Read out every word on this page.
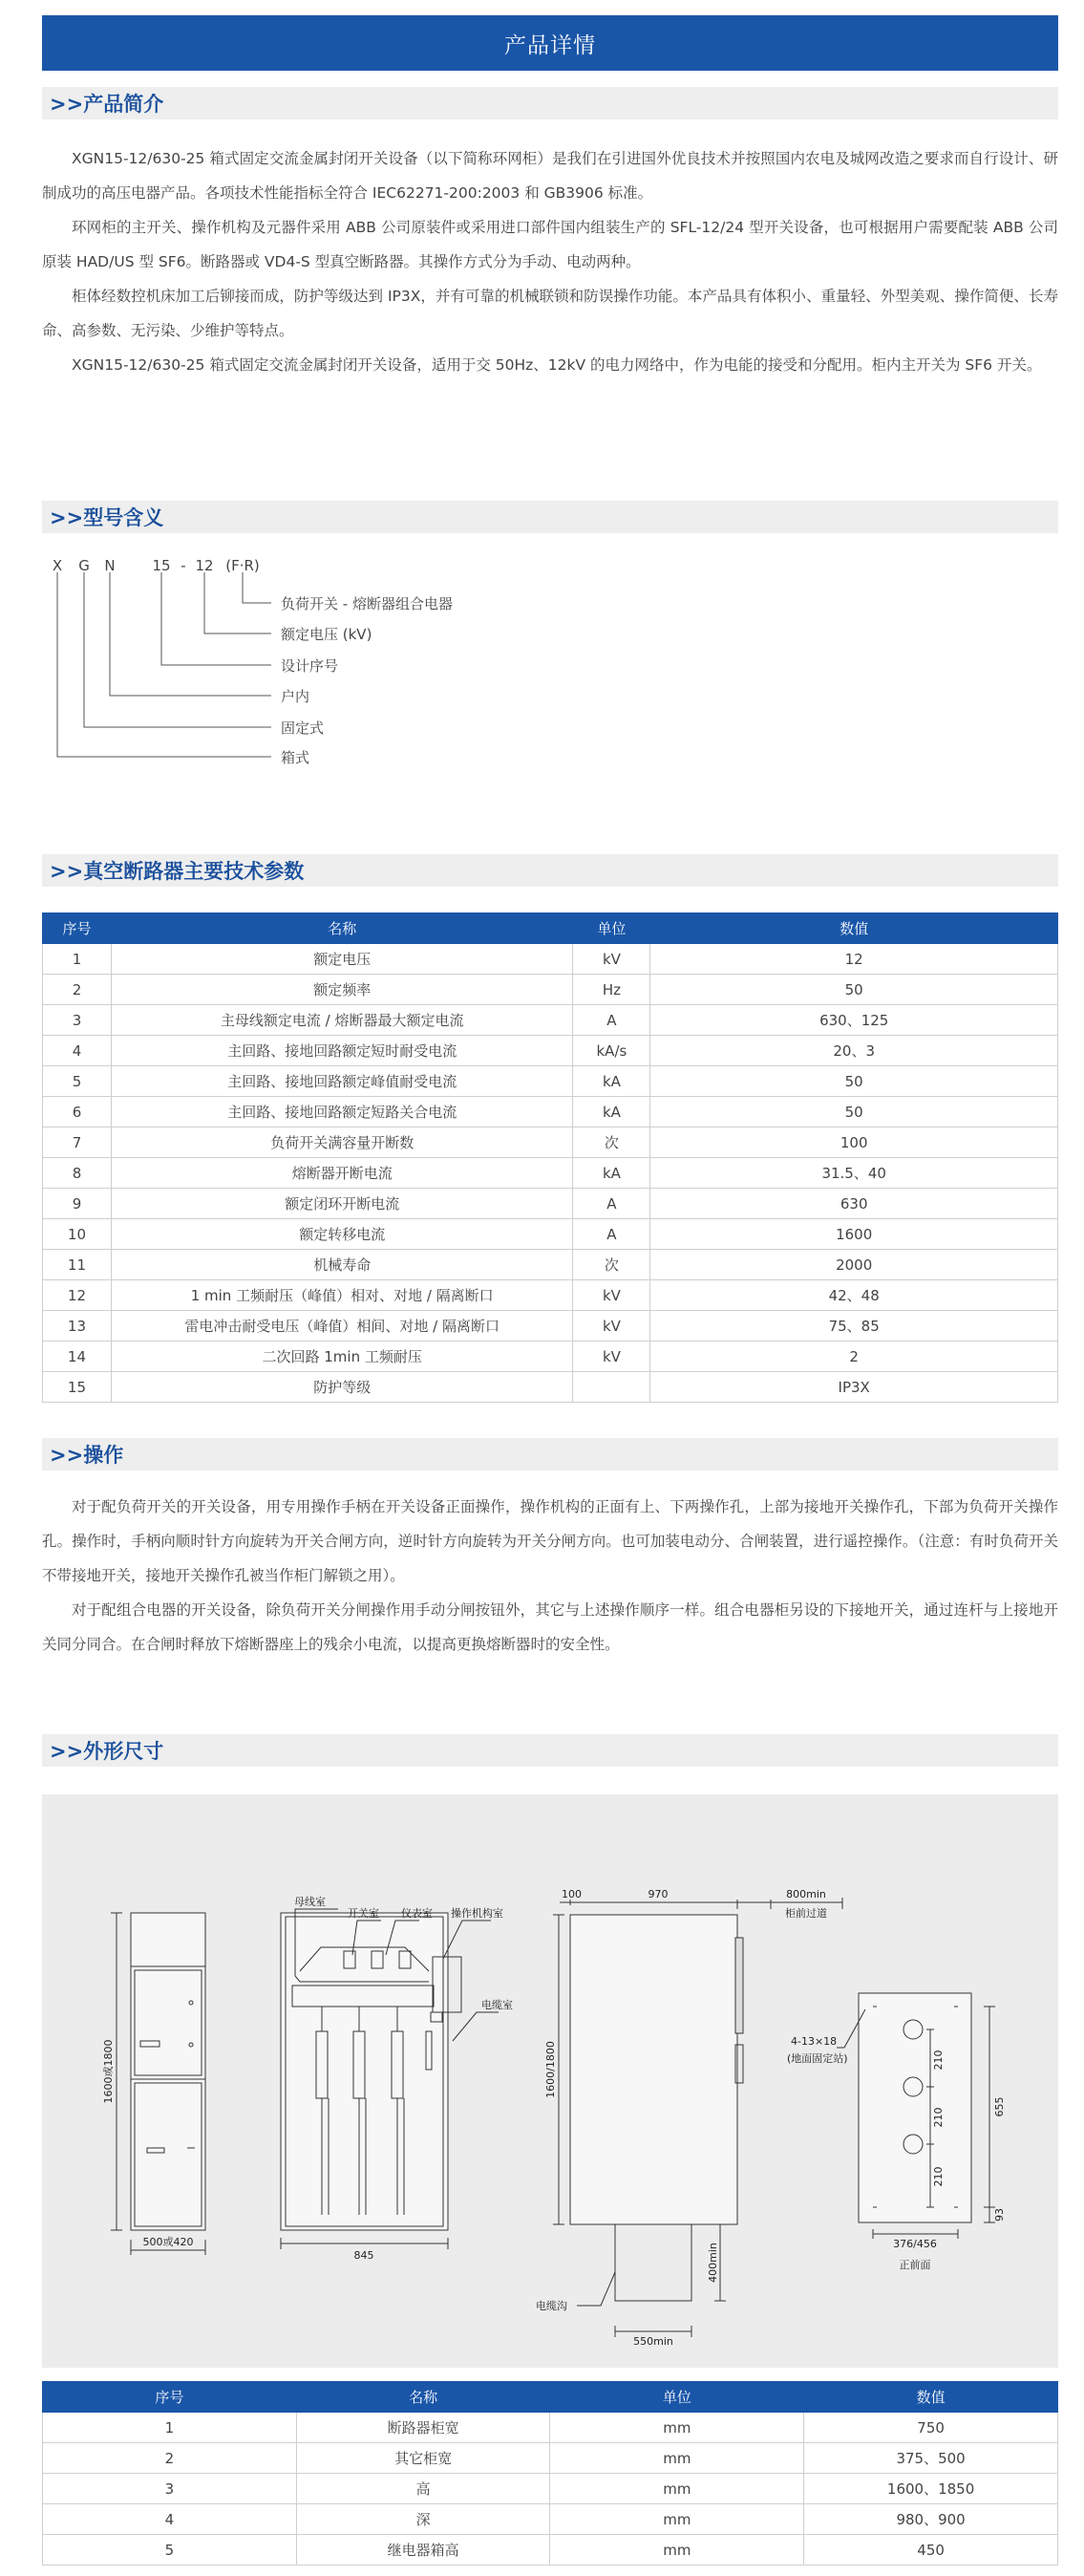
产品详情
>>产品简介

XGN15-12/630-25 箱式固定交流金属封闭开关设备（以下简称环网柜）是我们在引进国外优良技术并按照国内农电及城网改造之要求而自行设计、研制成功的高压电器产品。各项技术性能指标全符合 IEC62271-200:2003 和 GB3906 标准。

环网柜的主开关、操作机构及元器件采用 ABB 公司原装件或采用进口部件国内组装生产的 SFL-12/24 型开关设备，也可根据用户需要配装 ABB 公司原装 HAD/US 型 SF6。断路器或 VD4-S 型真空断路器。其操作方式分为手动、电动两种。

柜体经数控机床加工后铆接而成，防护等级达到 IP3X，并有可靠的机械联锁和防误操作功能。本产品具有体积小、重量轻、外型美观、操作简便、长寿命、高参数、无污染、少维护等特点。

XGN15-12/630-25 箱式固定交流金属封闭开关设备，适用于交 50Hz、12kV 的电力网络中，作为电能的接受和分配用。柜内主开关为 SF6 开关。

>>型号含义
X G N	15 - 12 (F·R)
负荷开关 - 熔断器组合电器
额定电压 (kV)
设计序号
户内
固定式
箱式
>>真空断路器主要技术参数
序号	名称	单位	数值
1	额定电压	kV	12
2	额定频率	Hz	50
3	主母线额定电流 / 熔断器最大额定电流	A	630、125
4	主回路、接地回路额定短时耐受电流	kA/s	20、3
5	主回路、接地回路额定峰值耐受电流	kA	50
6	主回路、接地回路额定短路关合电流	kA	50
7	负荷开关满容量开断数	次	100
8	熔断器开断电流	kA	31.5、40
9	额定闭环开断电流	A	630
10	额定转移电流	A	1600
11	机械寿命	次	2000
12	1 min 工频耐压（峰值）相对、对地 / 隔离断口	kV	42、48
13	雷电冲击耐受电压（峰值）相间、对地 / 隔离断口	kV	75、85
14	二次回路 1min 工频耐压	kV	2
15	防护等级		IP3X
>>操作

对于配负荷开关的开关设备，用专用操作手柄在开关设备正面操作，操作机构的正面有上、下两操作孔，上部为接地开关操作孔，下部为负荷开关操作孔。操作时，手柄向顺时针方向旋转为开关合闸方向，逆时针方向旋转为开关分闸方向。也可加装电动分、合闸装置，进行遥控操作。（注意：有时负荷开关不带接地开关，接地开关操作孔被当作柜门解锁之用）。

对于配组合电器的开关设备，除负荷开关分闸操作用手动分闸按钮外，其它与上述操作顺序一样。组合电器柜另设的下接地开关，通过连杆与上接地开关同分同合。在合闸时释放下熔断器座上的残余小电流，以提高更换熔断器时的安全性。

>>外形尺寸
1600或1800
500或420
母线室
开关室 仪表室 操作机构室
电缆室
845
100	970	800min
柜前过道
1600/1800
400min
550min
电缆沟
4-13×18
(地面固定站)	210
210
210
655
93
376/456
正前面
序号	名称	单位	数值
1	断路器柜宽	mm	750
2	其它柜宽	mm	375、500
3	高	mm	1600、1850
4	深	mm	980、900
5	继电器箱高	mm	450
